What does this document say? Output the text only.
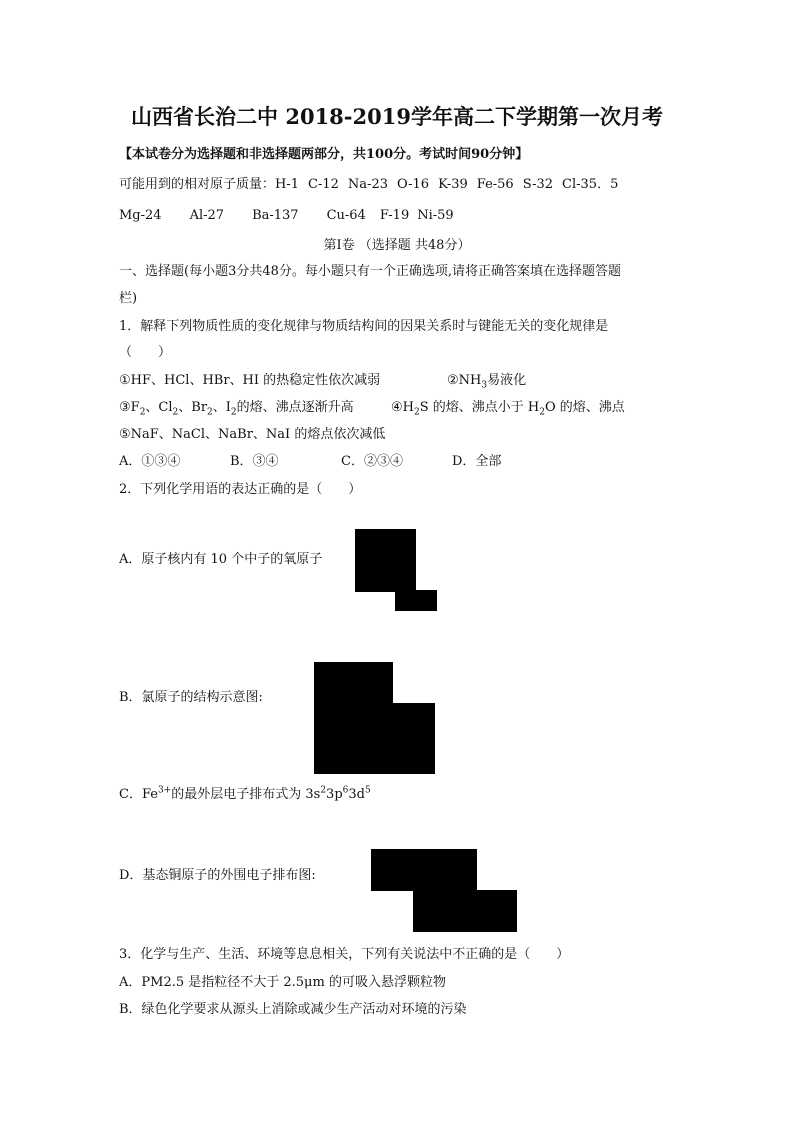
山西省长治二中 2018-2019学年高二下学期第一次月考
【本试卷分为选择题和非选择题两部分，共100分。考试时间90分钟】
可能用到的相对原子质量：H-1 C-12 Na-23 O-16 K-39 Fe-56 S-32 Cl-35．5
Mg-24 Al-27 Ba-137 Cu-64 F-19 Ni-59
第Ⅰ卷 （选择题 共48分）
一、选择题(每小题3分共48分。每小题只有一个正确选项,请将正确答案填在选择题答题
栏)
1．解释下列物质性质的变化规律与物质结构间的因果关系时与键能无关的变化规律是
（　　）
①HF、HCl、HBr、HI 的热稳定性依次减弱	$②NH_3$易液化
$③F_2$、$Cl_2$、$Br_2$、$I_2$的熔、沸点逐渐升高	$④H_2S$ 的熔、沸点小于 $H_2O$ 的熔、沸点
⑤NaF、NaCl、NaBr、NaI 的熔点依次减低
A．①③④	B．③④	C．②③④	D．全部
2．下列化学用语的表达正确的是（　　）
A．原子核内有 10 个中子的氧原子
B．氯原子的结构示意图:
C．$Fe^{3+}$的最外层电子排布式为 $3s^23p^63d^5$
D．基态铜原子的外围电子排布图:
3．化学与生产、生活、环境等息息相关，下列有关说法中不正确的是（　　）
A．PM2.5 是指粒径不大于 2.5μm 的可吸入悬浮颗粒物
B．绿色化学要求从源头上消除或减少生产活动对环境的污染
